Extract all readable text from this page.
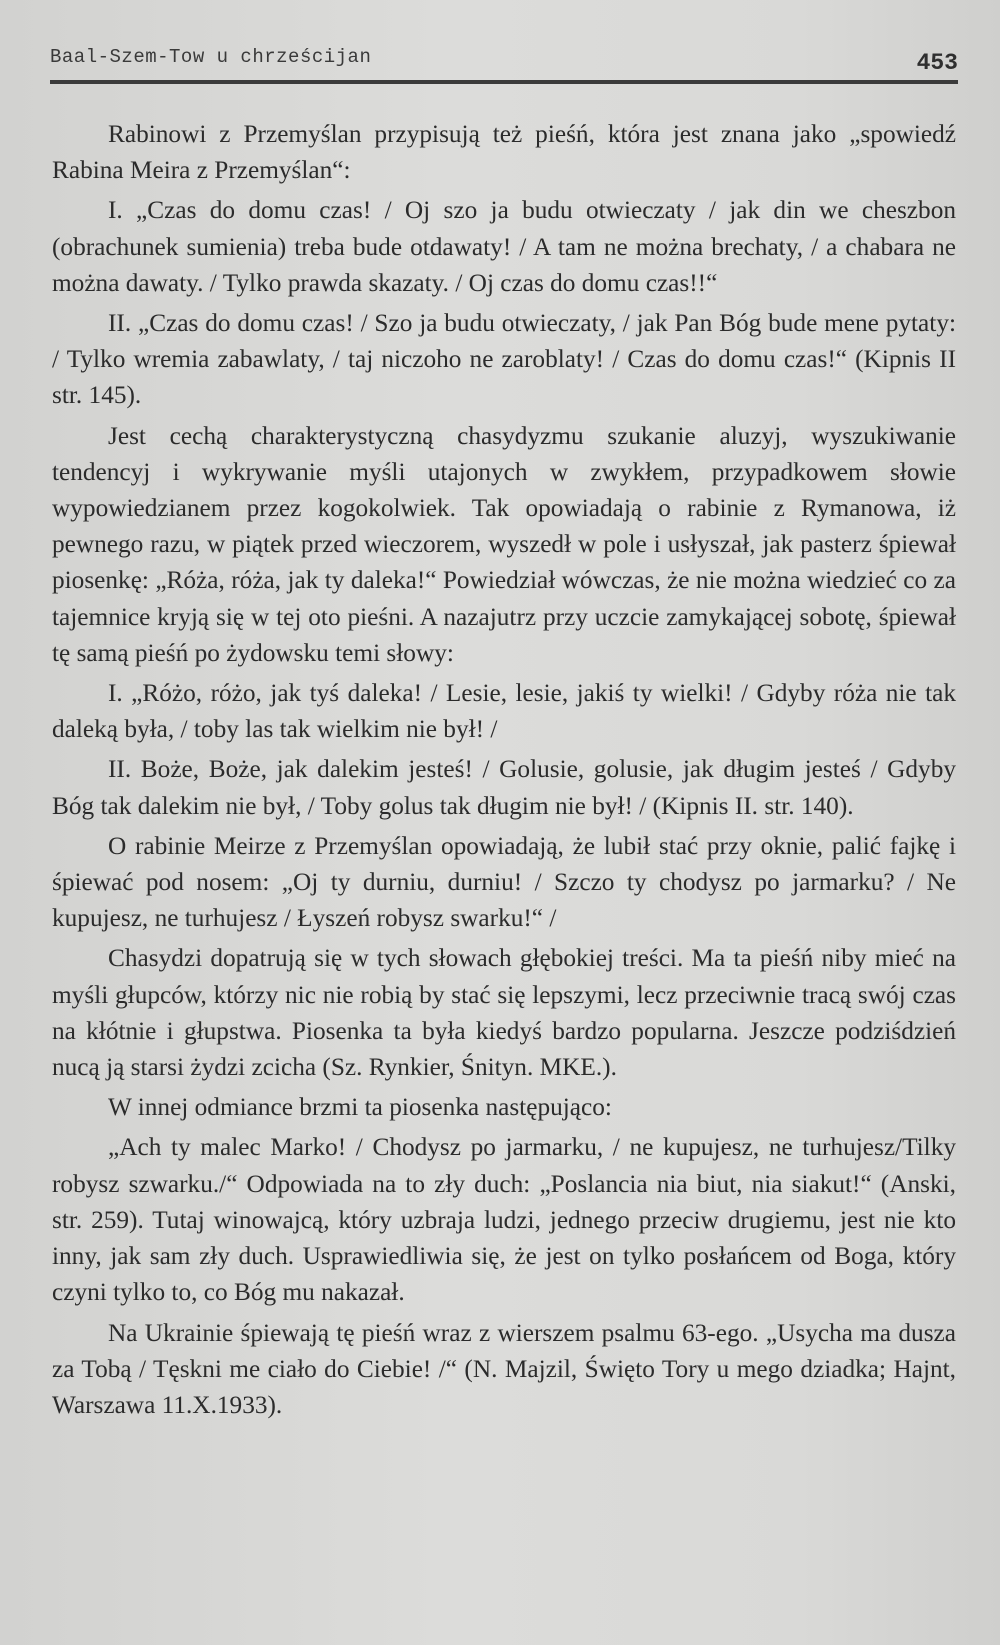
Baal-Szem-Tow u chrześcijan	453

Rabinowi z Przemyślan przypisują też pieśń, która jest znana jako „spowiedź Rabina Meira z Przemyślan“:

I. „Czas do domu czas! / Oj szo ja budu otwieczaty / jak din we cheszbon (obrachunek sumienia) treba bude otdawaty! / A tam ne można brechaty, / a chabara ne można dawaty. / Tylko prawda skazaty. / Oj czas do domu czas!!“

II. „Czas do domu czas! / Szo ja budu otwieczaty, / jak Pan Bóg bude mene pytaty: / Tylko wremia zabawlaty, / taj niczoho ne zaroblaty! / Czas do domu czas!“ (Kipnis II str. 145).

Jest cechą charakterystyczną chasydyzmu szukanie aluzyj, wyszukiwanie tendencyj i wykrywanie myśli utajonych w zwykłem, przypadkowem słowie wypowiedzianem przez kogokolwiek. Tak opowiadają o rabinie z Rymanowa, iż pewnego razu, w piątek przed wieczorem, wyszedł w pole i usłyszał, jak pasterz śpiewał piosenkę: „Róża, róża, jak ty daleka!“ Powiedział wówczas, że nie można wiedzieć co za tajemnice kryją się w tej oto pieśni. A nazajutrz przy uczcie zamykającej sobotę, śpiewał tę samą pieśń po żydowsku temi słowy:

I. „Różo, różo, jak tyś daleka! / Lesie, lesie, jakiś ty wielki! / Gdyby róża nie tak daleką była, / toby las tak wielkim nie był! /

II. Boże, Boże, jak dalekim jesteś! / Golusie, golusie, jak długim jesteś / Gdyby Bóg tak dalekim nie był, / Toby golus tak długim nie był! / (Kipnis II. str. 140).

O rabinie Meirze z Przemyślan opowiadają, że lubił stać przy oknie, palić fajkę i śpiewać pod nosem: „Oj ty durniu, durniu! / Szczo ty chodysz po jarmarku? / Ne kupujesz, ne turhujesz / Łyszeń robysz swarku!“ /

Chasydzi dopatrują się w tych słowach głębokiej treści. Ma ta pieśń niby mieć na myśli głupców, którzy nic nie robią by stać się lepszymi, lecz przeciwnie tracą swój czas na kłótnie i głupstwa. Piosenka ta była kiedyś bardzo popularna. Jeszcze podziśdzień nucą ją starsi żydzi zcicha (Sz. Rynkier, Śnityn. MKE.).

W innej odmiance brzmi ta piosenka następująco:

„Ach ty malec Marko! / Chodysz po jarmarku, / ne kupujesz, ne turhujesz/Tilky robysz szwarku./“ Odpowiada na to zły duch: „Poslancia nia biut, nia siakut!“ (Anski, str. 259). Tutaj winowajcą, który uzbraja ludzi, jednego przeciw drugiemu, jest nie kto inny, jak sam zły duch. Usprawiedliwia się, że jest on tylko posłańcem od Boga, który czyni tylko to, co Bóg mu nakazał.

Na Ukrainie śpiewają tę pieśń wraz z wierszem psalmu 63-ego. „Usycha ma dusza za Tobą / Tęskni me ciało do Ciebie! /“ (N. Majzil, Święto Tory u mego dziadka; Hajnt, Warszawa 11.X.1933).
